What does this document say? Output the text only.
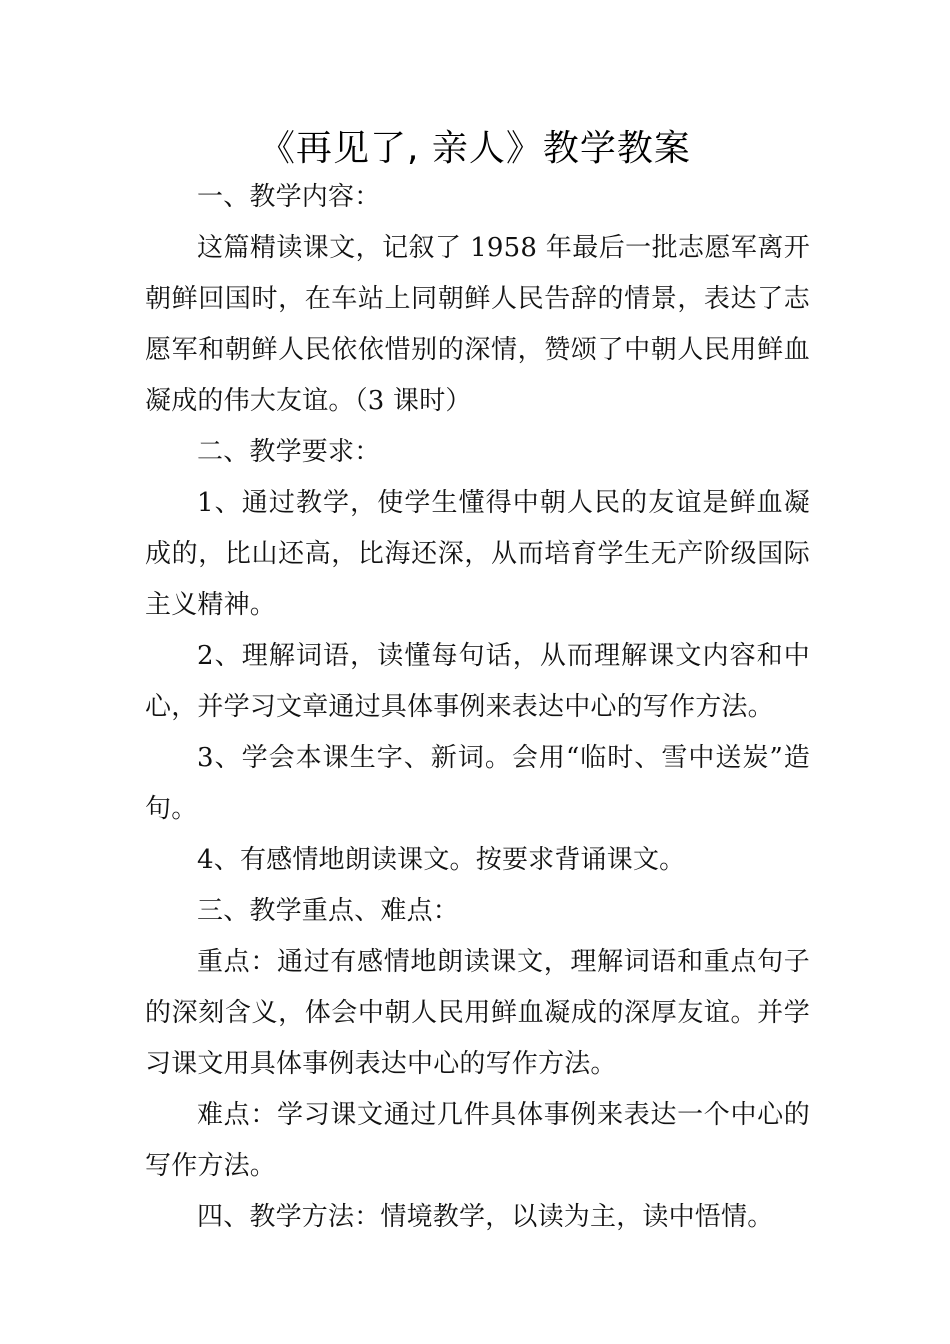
《再见了, 亲人》教学教案

一、教学内容：

这篇精读课文，记叙了 1958 年最后一批志愿军离开朝鲜回国时，在车站上同朝鲜人民告辞的情景，表达了志愿军和朝鲜人民依依惜别的深情，赞颂了中朝人民用鲜血凝成的伟大友谊。（3 课时）

二、教学要求：

1、通过教学，使学生懂得中朝人民的友谊是鲜血凝成的，比山还高，比海还深，从而培育学生无产阶级国际主义精神。

2、理解词语，读懂每句话，从而理解课文内容和中心，并学习文章通过具体事例来表达中心的写作方法。

3、学会本课生字、新词。会用“临时、雪中送炭”造句。

4、有感情地朗读课文。按要求背诵课文。

三、教学重点、难点：

重点：通过有感情地朗读课文，理解词语和重点句子的深刻含义，体会中朝人民用鲜血凝成的深厚友谊。并学习课文用具体事例表达中心的写作方法。

难点：学习课文通过几件具体事例来表达一个中心的写作方法。

四、教学方法：情境教学，以读为主，读中悟情。
